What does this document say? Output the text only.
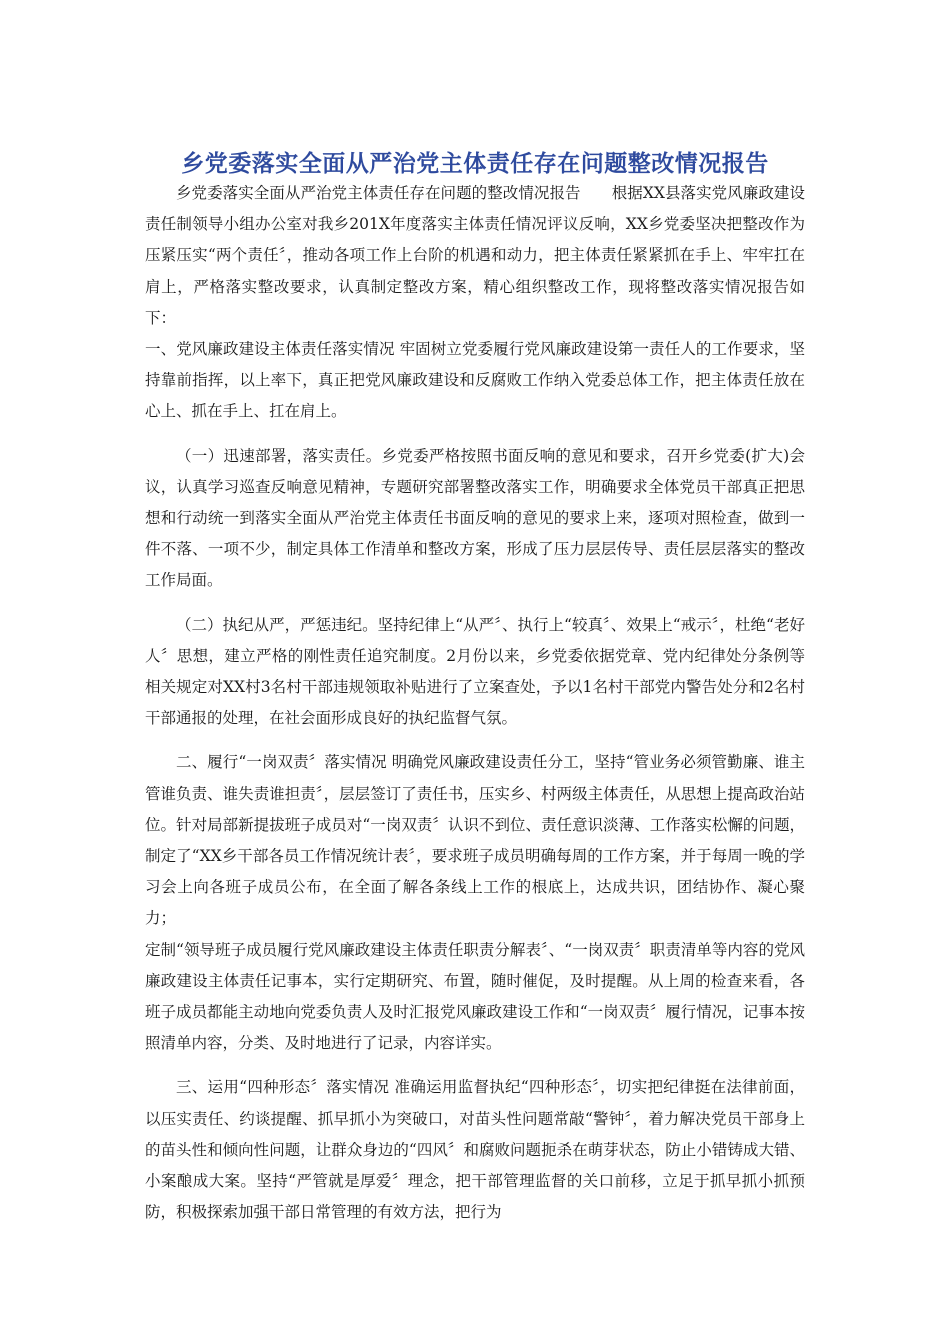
乡党委落实全面从严治党主体责任存在问题整改情况报告

乡党委落实全面从严治党主体责任存在问题的整改情况报告　　根据XX县落实党风廉政建设责任制领导小组办公室对我乡201X年度落实主体责任情况评议反响，XX乡党委坚决把整改作为压紧压实“两个责任〞，推动各项工作上台阶的机遇和动力，把主体责任紧紧抓在手上、牢牢扛在肩上，严格落实整改要求，认真制定整改方案，精心组织整改工作，现将整改落实情况报告如下：

一、党风廉政建设主体责任落实情况 牢固树立党委履行党风廉政建设第一责任人的工作要求，坚持靠前指挥，以上率下，真正把党风廉政建设和反腐败工作纳入党委总体工作，把主体责任放在心上、抓在手上、扛在肩上。

（一）迅速部署，落实责任。乡党委严格按照书面反响的意见和要求，召开乡党委(扩大)会议，认真学习巡查反响意见精神，专题研究部署整改落实工作，明确要求全体党员干部真正把思想和行动统一到落实全面从严治党主体责任书面反响的意见的要求上来，逐项对照检查，做到一件不落、一项不少，制定具体工作清单和整改方案，形成了压力层层传导、责任层层落实的整改工作局面。

（二）执纪从严，严惩违纪。坚持纪律上“从严〞、执行上“较真〞、效果上“戒示〞，杜绝“老好人〞思想，建立严格的刚性责任追究制度。2月份以来，乡党委依据党章、党内纪律处分条例等相关规定对XX村3名村干部违规领取补贴进行了立案查处，予以1名村干部党内警告处分和2名村干部通报的处理，在社会面形成良好的执纪监督气氛。

二、履行“一岗双责〞落实情况 明确党风廉政建设责任分工，坚持“管业务必须管勤廉、谁主管谁负责、谁失责谁担责〞，层层签订了责任书，压实乡、村两级主体责任，从思想上提高政治站位。针对局部新提拔班子成员对“一岗双责〞认识不到位、责任意识淡薄、工作落实松懈的问题，制定了“XX乡干部各员工作情况统计表〞，要求班子成员明确每周的工作方案，并于每周一晚的学习会上向各班子成员公布，在全面了解各条线上工作的根底上，达成共识，团结协作、凝心聚力；

定制“领导班子成员履行党风廉政建设主体责任职责分解表〞、“一岗双责〞职责清单等内容的党风廉政建设主体责任记事本，实行定期研究、布置，随时催促，及时提醒。从上周的检查来看，各班子成员都能主动地向党委负责人及时汇报党风廉政建设工作和“一岗双责〞履行情况，记事本按照清单内容，分类、及时地进行了记录，内容详实。

三、运用“四种形态〞落实情况 准确运用监督执纪“四种形态〞，切实把纪律挺在法律前面，以压实责任、约谈提醒、抓早抓小为突破口，对苗头性问题常敲“警钟〞，着力解决党员干部身上的苗头性和倾向性问题，让群众身边的“四风〞和腐败问题扼杀在萌芽状态，防止小错铸成大错、小案酿成大案。坚持“严管就是厚爱〞理念，把干部管理监督的关口前移，立足于抓早抓小抓预防，积极探索加强干部日常管理的有效方法，把行为
